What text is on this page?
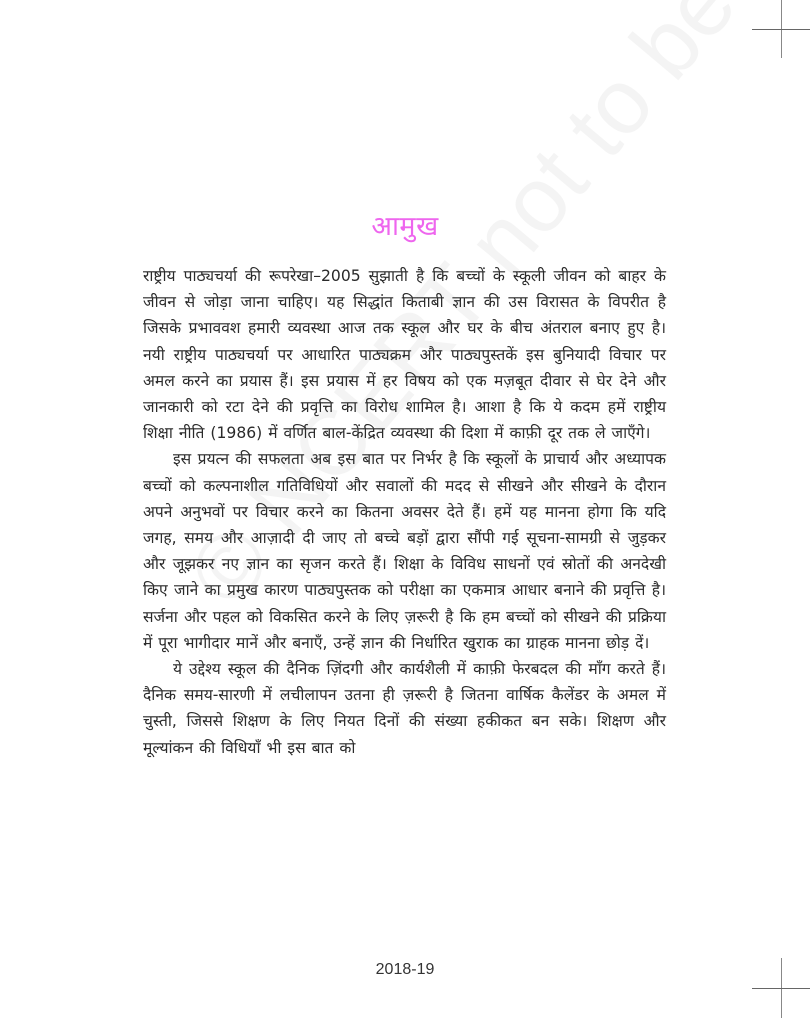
आमुख

राष्ट्रीय पाठ्यचर्या की रूपरेखा–2005 सुझाती है कि बच्चों के स्कूली जीवन को बाहर के जीवन से जोड़ा जाना चाहिए। यह सिद्धांत किताबी ज्ञान की उस विरासत के विपरीत है जिसके प्रभाववश हमारी व्यवस्था आज तक स्कूल और घर के बीच अंतराल बनाए हुए है। नयी राष्ट्रीय पाठ्यचर्या पर आधारित पाठ्यक्रम और पाठ्यपुस्तकें इस बुनियादी विचार पर अमल करने का प्रयास हैं। इस प्रयास में हर विषय को एक मज़बूत दीवार से घेर देने और जानकारी को रटा देने की प्रवृत्ति का विरोध शामिल है। आशा है कि ये कदम हमें राष्ट्रीय शिक्षा नीति (1986) में वर्णित बाल-केंद्रित व्यवस्था की दिशा में काफ़ी दूर तक ले जाएँगे।

इस प्रयत्न की सफलता अब इस बात पर निर्भर है कि स्कूलों के प्राचार्य और अध्यापक बच्चों को कल्पनाशील गतिविधियों और सवालों की मदद से सीखने और सीखने के दौरान अपने अनुभवों पर विचार करने का कितना अवसर देते हैं। हमें यह मानना होगा कि यदि जगह, समय और आज़ादी दी जाए तो बच्चे बड़ों द्वारा सौंपी गई सूचना-सामग्री से जुड़कर और जूझकर नए ज्ञान का सृजन करते हैं। शिक्षा के विविध साधनों एवं स्रोतों की अनदेखी किए जाने का प्रमुख कारण पाठ्यपुस्तक को परीक्षा का एकमात्र आधार बनाने की प्रवृत्ति है। सर्जना और पहल को विकसित करने के लिए ज़रूरी है कि हम बच्चों को सीखने की प्रक्रिया में पूरा भागीदार मानें और बनाएँ, उन्हें ज्ञान की निर्धारित खुराक का ग्राहक मानना छोड़ दें।

ये उद्देश्य स्कूल की दैनिक ज़िंदगी और कार्यशैली में काफ़ी फेरबदल की माँग करते हैं। दैनिक समय-सारणी में लचीलापन उतना ही ज़रूरी है जितना वार्षिक कैलेंडर के अमल में चुस्ती, जिससे शिक्षण के लिए नियत दिनों की संख्या हकीकत बन सके। शिक्षण और मूल्यांकन की विधियाँ भी इस बात को

2018-19
